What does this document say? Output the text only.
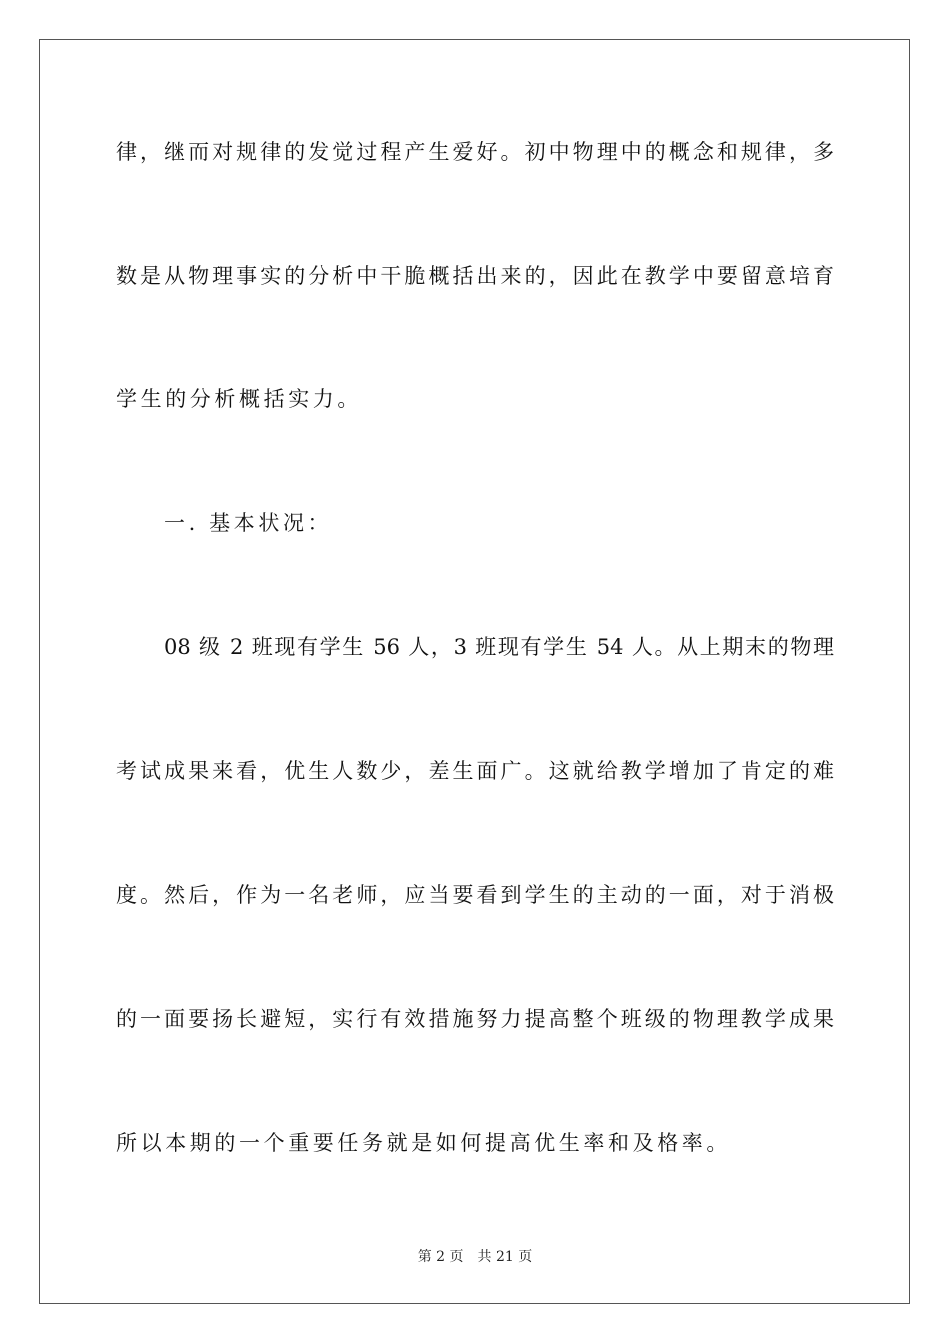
律，继而对规律的发觉过程产生爱好。初中物理中的概念和规律，多
数是从物理事实的分析中干脆概括出来的，因此在教学中要留意培育
学生的分析概括实力。
一. 基本状况：
08 级 2 班现有学生 56 人，3 班现有学生 54 人。从上期末的物理
考试成果来看，优生人数少，差生面广。这就给教学增加了肯定的难
度。然后，作为一名老师，应当要看到学生的主动的一面，对于消极
的一面要扬长避短，实行有效措施努力提高整个班级的物理教学成果
所以本期的一个重要任务就是如何提高优生率和及格率。
第 2 页 共 21 页
